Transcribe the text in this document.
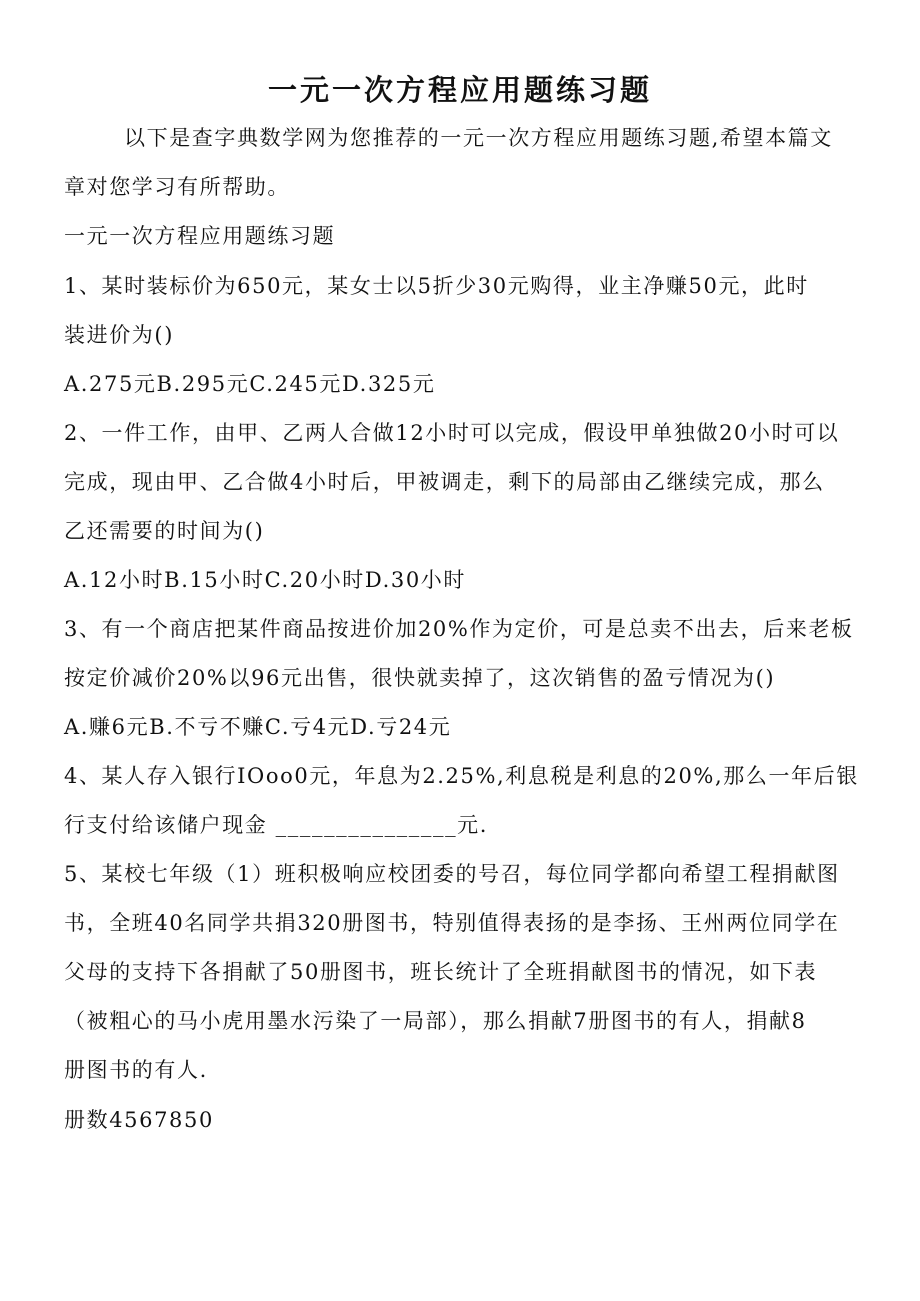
一元一次方程应用题练习题
以下是查字典数学网为您推荐的一元一次方程应用题练习题,希望本篇文
章对您学习有所帮助。
一元一次方程应用题练习题
1、某时装标价为650元，某女士以5折少30元购得，业主净赚50元，此时
装进价为()
A.275元B.295元C.245元D.325元
2、一件工作，由甲、乙两人合做12小时可以完成，假设甲单独做20小时可以
完成，现由甲、乙合做4小时后，甲被调走，剩下的局部由乙继续完成，那么
乙还需要的时间为()
A.12小时B.15小时C.20小时D.30小时
3、有一个商店把某件商品按进价加20%作为定价，可是总卖不出去，后来老板
按定价减价20%以96元出售，很快就卖掉了，这次销售的盈亏情况为()
A.赚6元B.不亏不赚C.亏4元D.亏24元
4、某人存入银行IOoo0元，年息为2.25%,利息税是利息的20%,那么一年后银
行支付给该储户现金 _______________元.
5、某校七年级（1）班积极响应校团委的号召，每位同学都向希望工程捐献图
书，全班40名同学共捐320册图书，特别值得表扬的是李扬、王州两位同学在
父母的支持下各捐献了50册图书，班长统计了全班捐献图书的情况，如下表
（被粗心的马小虎用墨水污染了一局部），那么捐献7册图书的有人，捐献8
册图书的有人.
册数4567850
